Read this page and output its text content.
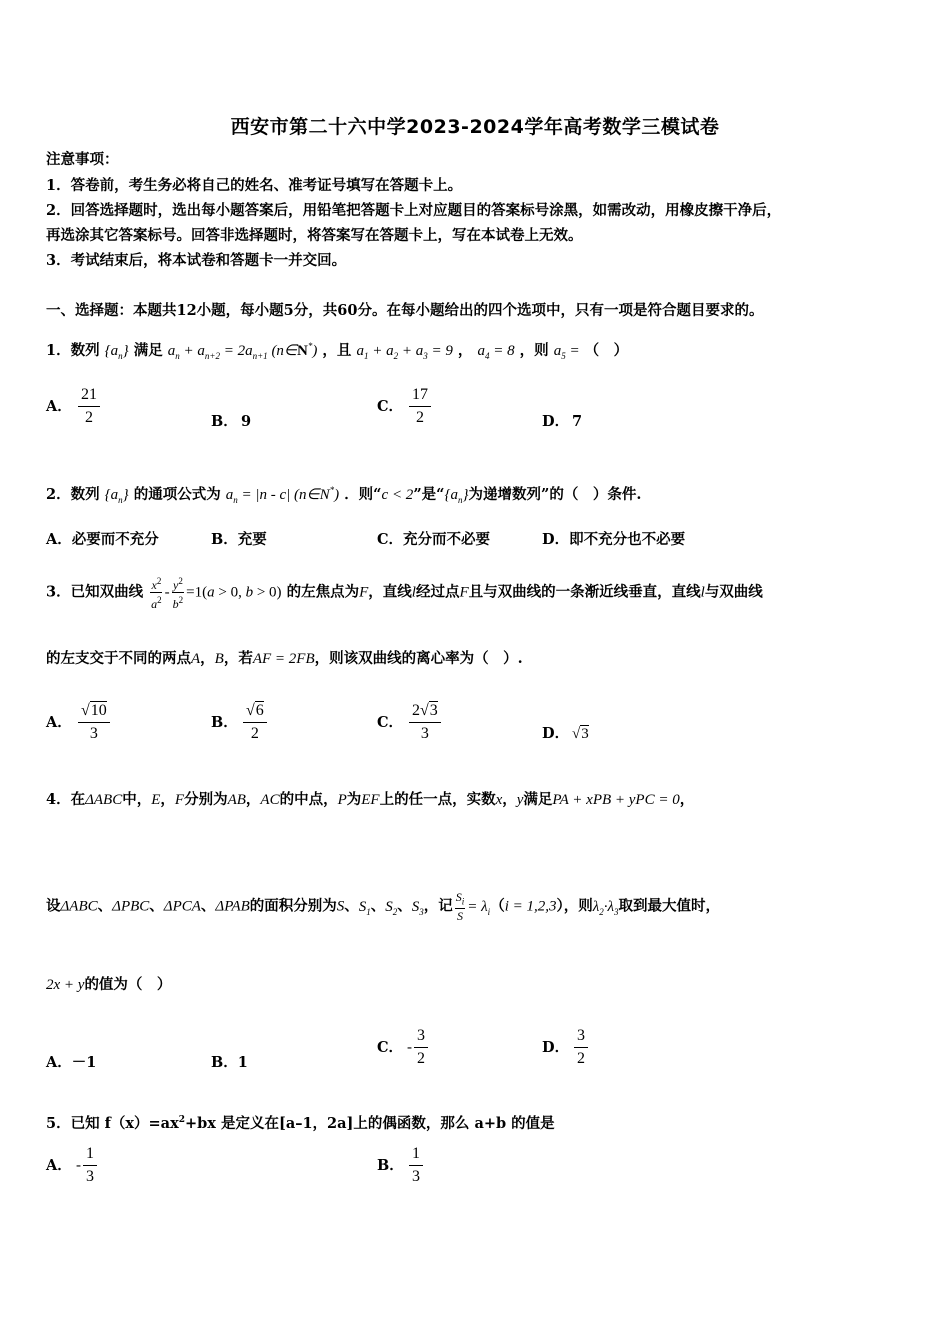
西安市第二十六中学2023-2024学年高考数学三模试卷
注意事项：
1．答卷前，考生务必将自己的姓名、准考证号填写在答题卡上。
2．回答选择题时，选出每小题答案后，用铅笔把答题卡上对应题目的答案标号涂黑，如需改动，用橡皮擦干净后，
再选涂其它答案标号。回答非选择题时，将答案写在答题卡上，写在本试卷上无效。
3．考试结束后，将本试卷和答题卡一并交回。
一、选择题：本题共12小题，每小题5分，共60分。在每小题给出的四个选项中，只有一项是符合题目要求的。
1．数列 $\{a_n\}$ 满足 $a_n + a_{n+2} = 2a_{n+1}$ (n∈N*) ，且 $a_1 + a_2 + a_3 = 9$ ， $a_4 = 8$ ，则 $a_5$ = （　）
A． $\frac{21}{2}$	B． 9
C． $\frac{17}{2}$	D． 7
2．数列 $\{a_n\}$ 的通项公式为 $a_n = |n - c|$ (n∈N*) ．则“c < 2”是“$\{a_n\}$为递增数列”的（　）条件.
A．必要而不充分	B．充要	C．充分而不必要	D．即不充分也不必要
3．已知双曲线 $\frac{x^2}{a^2} - \frac{y^2}{b^2} =1(a > 0$, b > 0) 的左焦点为F，直线l经过点F且与双曲线的一条渐近线垂直，直线l与双曲线
的左支交于不同的两点A，B，若AF = 2FB，则该双曲线的离心率为（　）.
A． $\frac{√10}{3}$	B． $\frac{√6}{2}$	C． $\frac{2√3}{3}$	D． √3
4．在ΔABC中，E，F分别为AB，AC的中点，P为EF上的任一点，实数x，y满足PA + xPB + yPC = 0，
设ΔABC、ΔPBC、ΔPCA、ΔPAB的面积分别为S、$S_1$、$S_2$、$S_3$，记 $\frac{S_i}{S} = \lambda_i(i = 1,2,3)$，则$\lambda_2\cdot\lambda_3$取到最大值时，
2x + y的值为（　）
A．－1	B．1
C． - $\frac{3}{2}$	D． $\frac{3}{2}$
5．已知 $f(x)=ax^2+bx$ 是定义在[a–1，2a]上的偶函数，那么 a+b 的值是
A． - $\frac{1}{3}$	B． $\frac{1}{3}$
